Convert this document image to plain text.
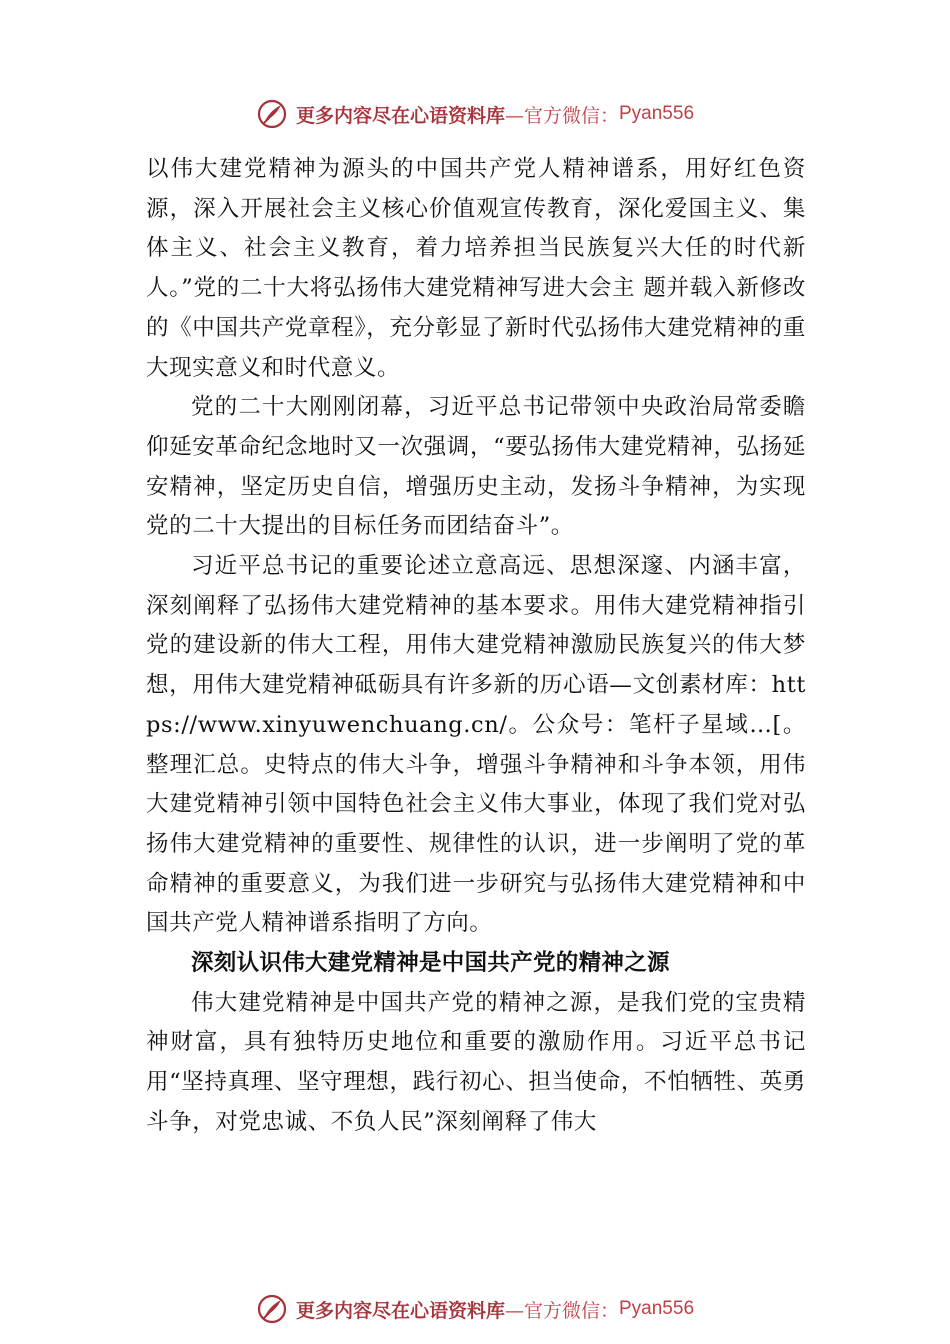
更多内容尽在心语资料库 —官方微信： Pyan556

以伟大建党精神为源头的中国共产党人精神谱系，用好红色资源，深入开展社会主义核心价值观宣传教育，深化爱国主义、集体主义、社会主义教育，着力培养担当民族复兴大任的时代新人。”党的二十大将弘扬伟大建党精神写进大会主 题并载入新修改的《中国共产党章程》，充分彰显了新时代弘扬伟大建党精神的重大现实意义和时代意义。

党的二十大刚刚闭幕，习近平总书记带领中央政治局常委瞻仰延安革命纪念地时又一次强调，“要弘扬伟大建党精神，弘扬延安精神，坚定历史自信，增强历史主动，发扬斗争精神，为实现党的二十大提出的目标任务而团结奋斗”。

习近平总书记的重要论述立意高远、思想深邃、内涵丰富，深刻阐释了弘扬伟大建党精神的基本要求。用伟大建党精神指引党的建设新的伟大工程，用伟大建党精神激励民族复兴的伟大梦想，用伟大建党精神砥砺具有许多新的历心语—文创素材库：https://www.xinyuwenchuang.cn/。公众号：笔杆子星域…[。整理汇总。史特点的伟大斗争，增强斗争精神和斗争本领，用伟大建党精神引领中国特色社会主义伟大事业，体现了我们党对弘扬伟大建党精神的重要性、规律性的认识，进一步阐明了党的革命精神的重要意义，为我们进一步研究与弘扬伟大建党精神和中国共产党人精神谱系指明了方向。

深刻认识伟大建党精神是中国共产党的精神之源

伟大建党精神是中国共产党的精神之源，是我们党的宝贵精神财富，具有独特历史地位和重要的激励作用。习近平总书记用“坚持真理、坚守理想，践行初心、担当使命，不怕牺牲、英勇斗争，对党忠诚、不负人民”深刻阐释了伟大

更多内容尽在心语资料库 —官方微信： Pyan556
